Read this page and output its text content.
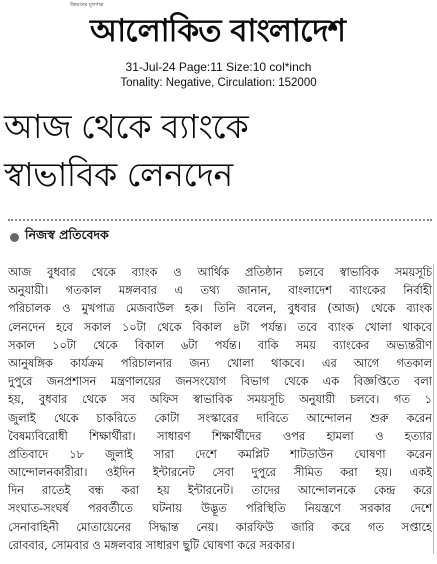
উন্নয়নের মুখপাত্র
আলোকিত বাংলাদেশ
31-Jul-24 Page:11 Size:10 col*inch
Tonality: Negative, Circulation: 152000
আজ থেকে ব্যাংকে
স্বাভাবিক লেনদেন
নিজস্ব প্রতিবেদক
আজ বুধবার থেকে ব্যাংক ও আর্থিক প্রতিষ্ঠান চলবে স্বাভাবিক সময়সূচি
অনুযায়ী। গতকাল মঙ্গলবার এ তথ্য জানান, বাংলাদেশ ব্যাংকের নির্বাহী
পরিচালক ও মুখপাত্র মেজবাউল হক। তিনি বলেন, বুধবার (আজ) থেকে ব্যাংক
লেনদেন হবে সকাল ১০টা থেকে বিকাল ৪টা পর্যন্ত। তবে ব্যাংক খোলা থাকবে
সকাল ১০টা থেকে বিকাল ৬টা পর্যন্ত। বাকি সময় ব্যাংকের অভ্যন্তরীণ
আনুষঙ্গিক কার্যক্রম পরিচালনার জন্য খোলা থাকবে। এর আগে গতকাল
দুপুরে জনপ্রশাসন মন্ত্রণালয়ের জনসংযোগ বিভাগ থেকে এক বিজ্ঞপ্তিতে বলা
হয়, বুধবার থেকে সব অফিস স্বাভাবিক সময়সূচি অনুযায়ী চলবে। গত ১
জুলাই থেকে চাকরিতে কোটা সংস্কারের দাবিতে আন্দোলন শুরু করেন
বৈষম্যবিরোধী শিক্ষার্থীরা। সাধারণ শিক্ষার্থীদের ওপর হামলা ও হত্যার
প্রতিবাদে ১৮ জুলাই সারা দেশে কমপ্লিট শাটডাউন ঘোষণা করেন
আন্দোলনকারীরা। ওইদিন ইন্টারনেট সেবা দুপুরে সীমিত করা হয়। একই
দিন রাতেই বন্ধ করা হয় ইন্টারনেট। তাদের আন্দোলনকে কেন্দ্র করে
সংঘাত-সংঘর্ষ পরবর্তীতে ঘটনায় উদ্ভূত পরিস্থিতি নিয়ন্ত্রণে সরকার দেশে
সেনাবাহিনী মোতায়েনের সিদ্ধান্ত নেয়। কারফিউ জারি করে গত সপ্তাহে
রোববার, সোমবার ও মঙ্গলবার সাধারণ ছুটি ঘোষণা করে সরকার।
